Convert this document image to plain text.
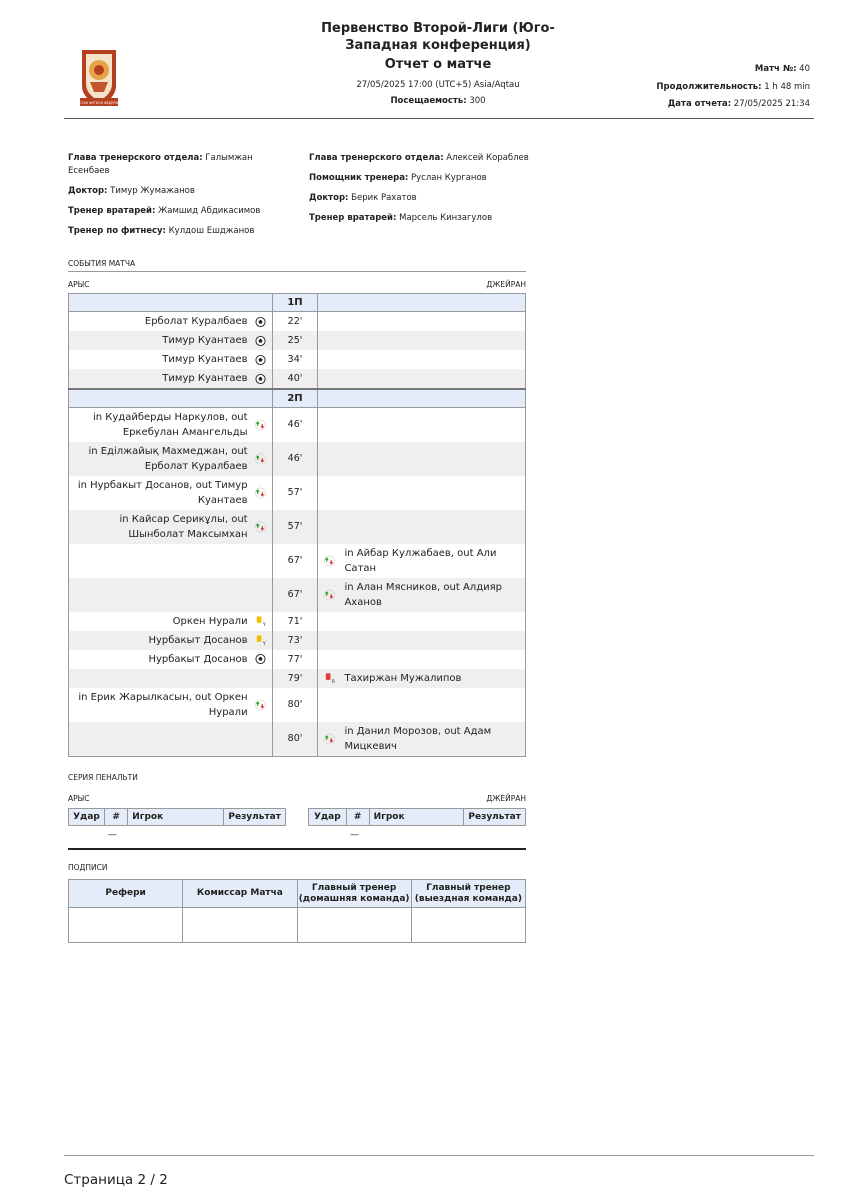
ҚАЗАҚСТАН ФУТБОЛ ФЕДЕРАЦИЯСЫ
Первенство Второй-Лиги (Юго-Западная конференция)
Отчет о матче
27/05/2025 17:00 (UTC+5) Asia/Aqtau
Посещаемость: 300
Матч №: 40
Продолжительность: 1 h 48 min
Дата отчета: 27/05/2025 21:34
Глава тренерского отдела: Галымжан Есенбаев
Доктор: Тимур Жумажанов
Тренер вратарей: Жамшид Абдикасимов
Тренер по фитнесу: Кулдош Ешджанов
Глава тренерского отдела: Алексей Кораблев
Помощник тренера: Руслан Курганов
Доктор: Берик Рахатов
Тренер вратарей: Марсель Кинзагулов
СОБЫТИЯ МАТЧА
АРЫС	ДЖЕЙРАН
	1П	
Ерболат Куралбаев	22'	
Тимур Куантаев	25'	
Тимур Куантаев	34'	
Тимур Куантаев	40'	
	2П	
in Кудайберды Наркулов, out Еркебулан Амангельды	46'	
in Еділжайық Махмеджан, out Ерболат Куралбаев	46'	
in Нурбакыт Досанов, out Тимур Куантаев	57'	
in Кайсар Серикұлы, out Шынболат Максымхан	57'	
	67'	in Айбар Кулжабаев, out Али Сатан

	67'	in Алан Мясников, out Алдияр Аханов

Оркен Нурали Y	71'	
Нурбакыт Досанов Y	73'	
Нурбакыт Досанов	77'	
	79'	Тахиржан Мужалипов
R

in Ерик Жарылкасын, out Оркен Нурали	80'	
	80'	in Данил Морозов, out Адам Мицкевич
СЕРИЯ ПЕНАЛЬТИ
АРЫС	ДЖЕЙРАН
Удар	#	Игрок	Результат	Удар	#	Игрок	Результат
—	—
ПОДПИСИ
Рефери	Комиссар Матча	Главный тренер (домашняя команда)	Главный тренер (выездная команда)

Страница 2 / 2
